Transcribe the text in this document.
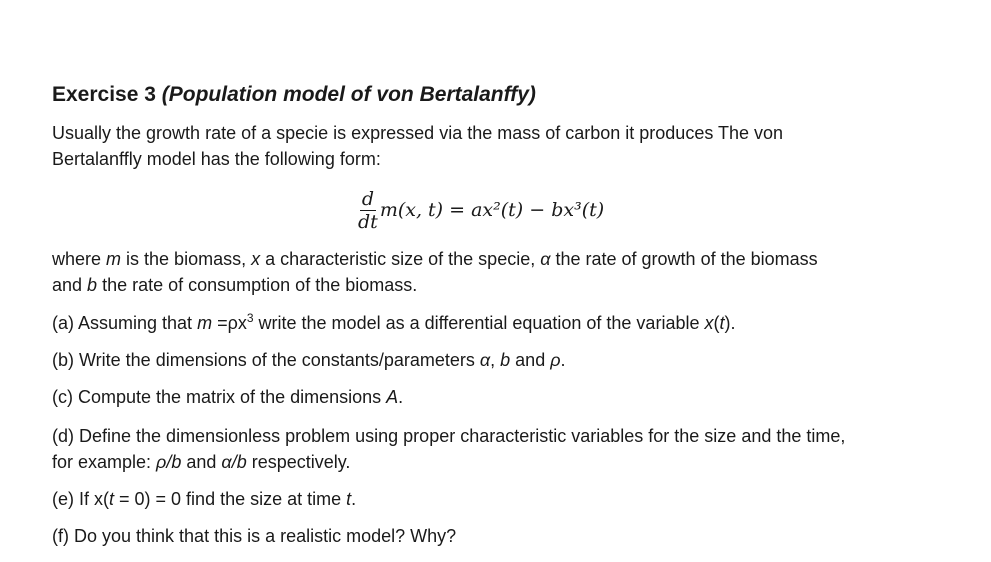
Exercise 3 (Population model of von Bertalanffy)

Usually the growth rate of a specie is expressed via the mass of carbon it produces The von
Bertalanffly model has the following form:

$\frac{d}{dt} m(x$, t) = ax²(t) − bx³(t)

where m is the biomass, x a characteristic size of the specie, α the rate of growth of the biomass
and b the rate of consumption of the biomass.

(a) Assuming that $m =\rho x^3$ write the model as a differential equation of the variable x(t).

(b) Write the dimensions of the constants/parameters α, b and ρ.

(c) Compute the matrix of the dimensions A.

(d) Define the dimensionless problem using proper characteristic variables for the size and the time,
for example: ρ/b and α/b respectively.

(e) If x(t = 0) = 0 find the size at time t.

(f) Do you think that this is a realistic model? Why?
